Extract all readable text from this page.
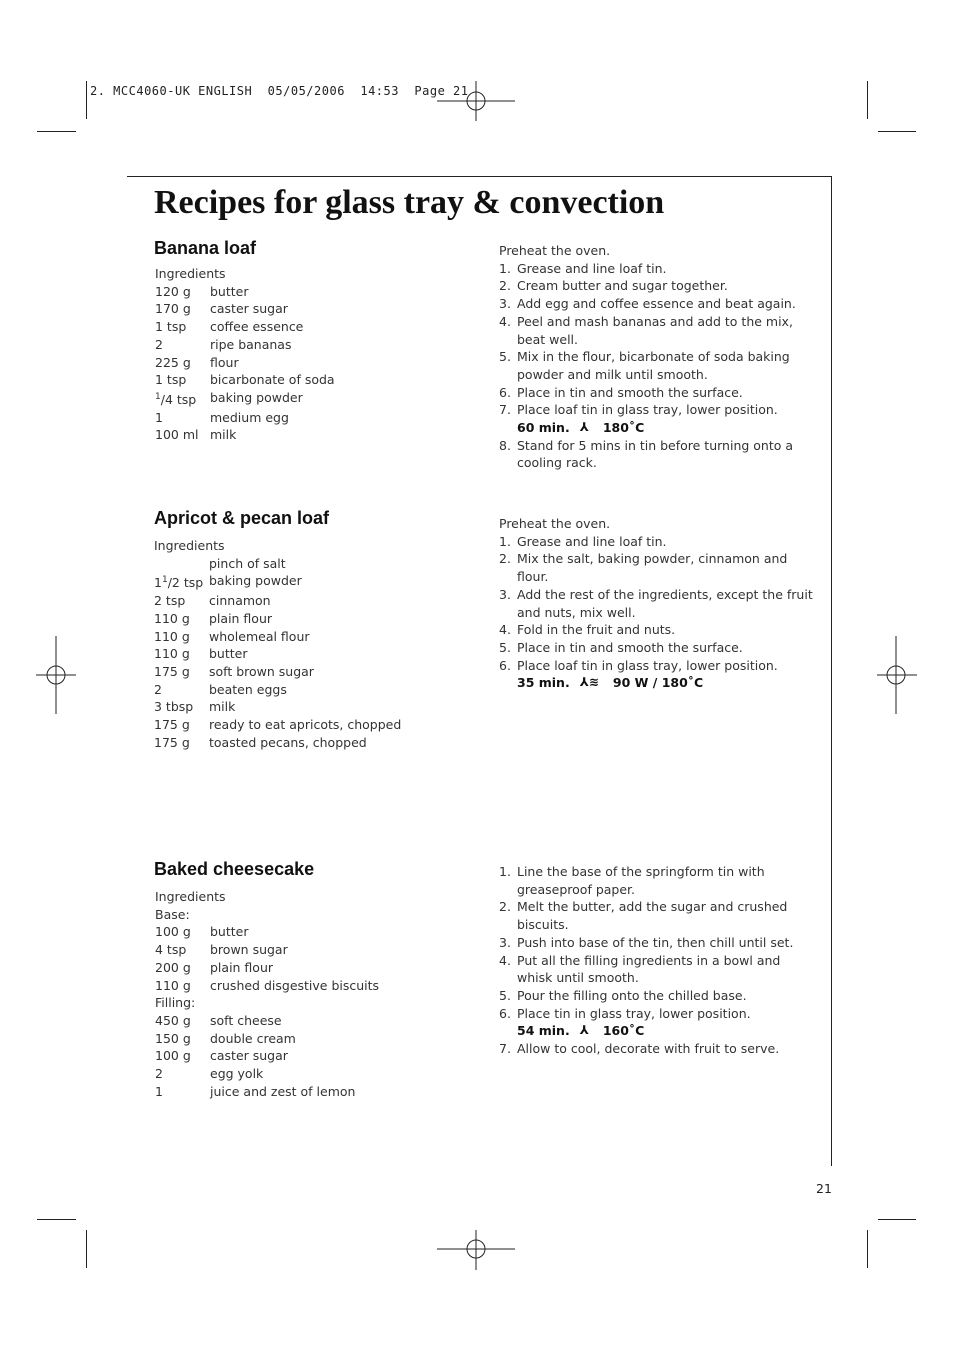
2. MCC4060-UK ENGLISH  05/05/2006  14:53  Page 21
Recipes for glass tray & convection
Banana loaf
Ingredients
120 g	butter
170 g	caster sugar
1 tsp	coffee essence
2	ripe bananas
225 g	flour
1 tsp	bicarbonate of soda
$^1$/4 tsp	baking powder
1	medium egg
100 ml milk
Preheat the oven.
1. Grease and line loaf tin.
2. Cream butter and sugar together.
3. Add egg and coffee essence and beat again.
4. Peel and mash bananas and add to the mix, beat well.
5. Mix in the flour, bicarbonate of soda baking powder and milk until smooth.
6. Place in tin and smooth the surface.
7. Place loaf tin in glass tray, lower position.
60 min. ⅄ 180˚C
8. Stand for 5 mins in tin before turning onto a cooling rack.
Apricot & pecan loaf
Ingredients
pinch of salt
$1^1/2$ tsp baking powder
2 tsp	cinnamon
110 g	plain flour
110 g	wholemeal flour
110 g	butter
175 g	soft brown sugar
2	beaten eggs
3 tbsp	milk
175 g	ready to eat apricots, chopped
175 g	toasted pecans, chopped
Preheat the oven.
1. Grease and line loaf tin.
2. Mix the salt, baking powder, cinnamon and flour.
3. Add the rest of the ingredients, except the fruit and nuts, mix well.
4. Fold in the fruit and nuts.
5. Place in tin and smooth the surface.
6. Place loaf tin in glass tray, lower position.
35 min. ⅄≋ 90 W / 180˚C
Baked cheesecake
Ingredients
Base:
100 g	butter
4 tsp	brown sugar
200 g	plain flour
110 g	crushed disgestive biscuits
Filling:
450 g	soft cheese
150 g	double cream
100 g	caster sugar
2	egg yolk
1	juice and zest of lemon
1. Line the base of the springform tin with greaseproof paper.
2. Melt the butter, add the sugar and crushed biscuits.
3. Push into base of the tin, then chill until set.
4. Put all the filling ingredients in a bowl and whisk until smooth.
5. Pour the filling onto the chilled base.
6. Place tin in glass tray, lower position.
54 min. ⅄ 160˚C
7. Allow to cool, decorate with fruit to serve.
21
